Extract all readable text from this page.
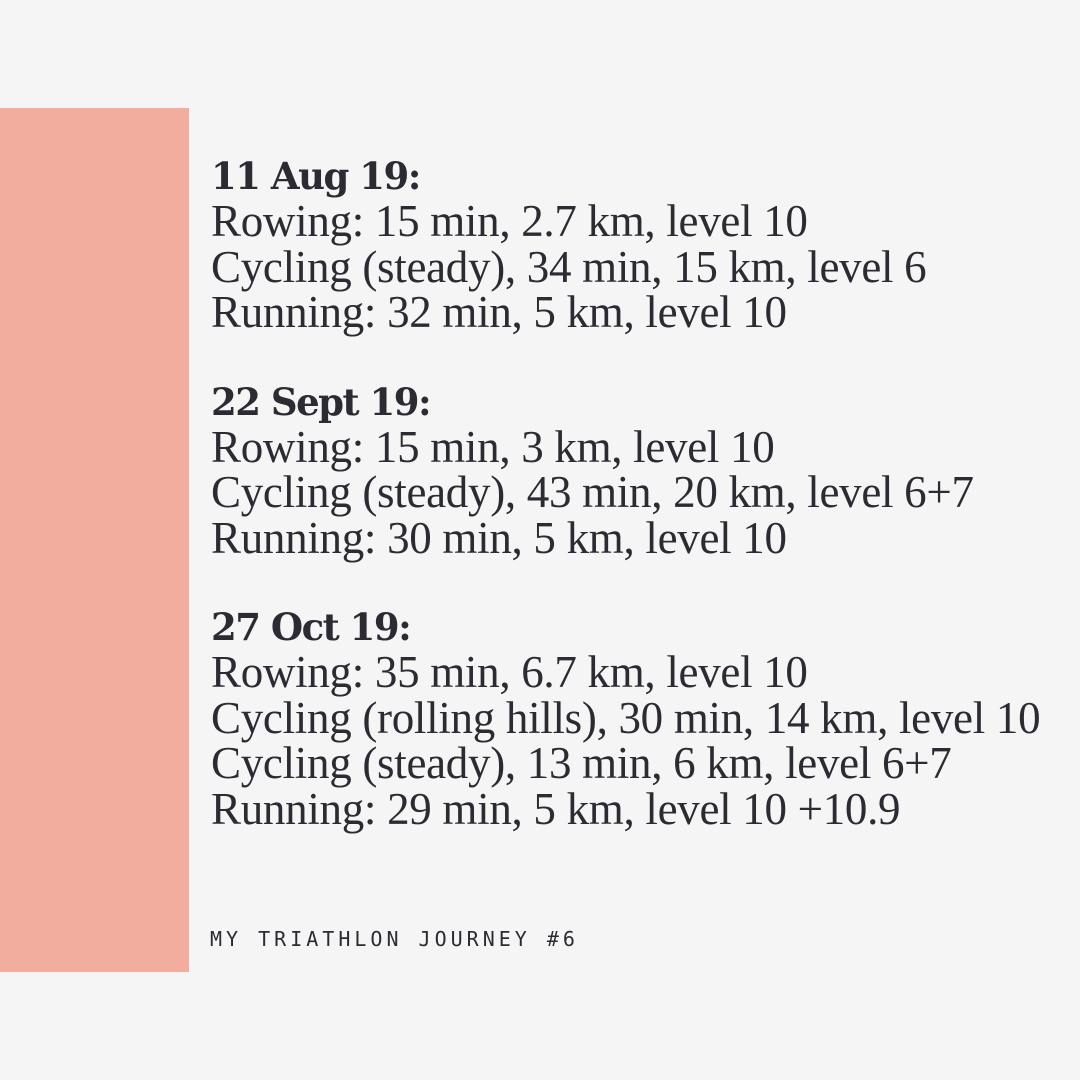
11 Aug 19:
Rowing: 15 min, 2.7 km, level 10
Cycling (steady), 34 min, 15 km, level 6
Running: 32 min, 5 km, level 10
22 Sept 19:
Rowing: 15 min, 3 km, level 10
Cycling (steady), 43 min, 20 km, level 6+7
Running: 30 min, 5 km, level 10
27 Oct 19:
Rowing: 35 min, 6.7 km, level 10
Cycling (rolling hills), 30 min, 14 km, level 10
Cycling (steady), 13 min, 6 km, level 6+7
Running: 29 min, 5 km, level 10 +10.9
MY TRIATHLON JOURNEY #6
